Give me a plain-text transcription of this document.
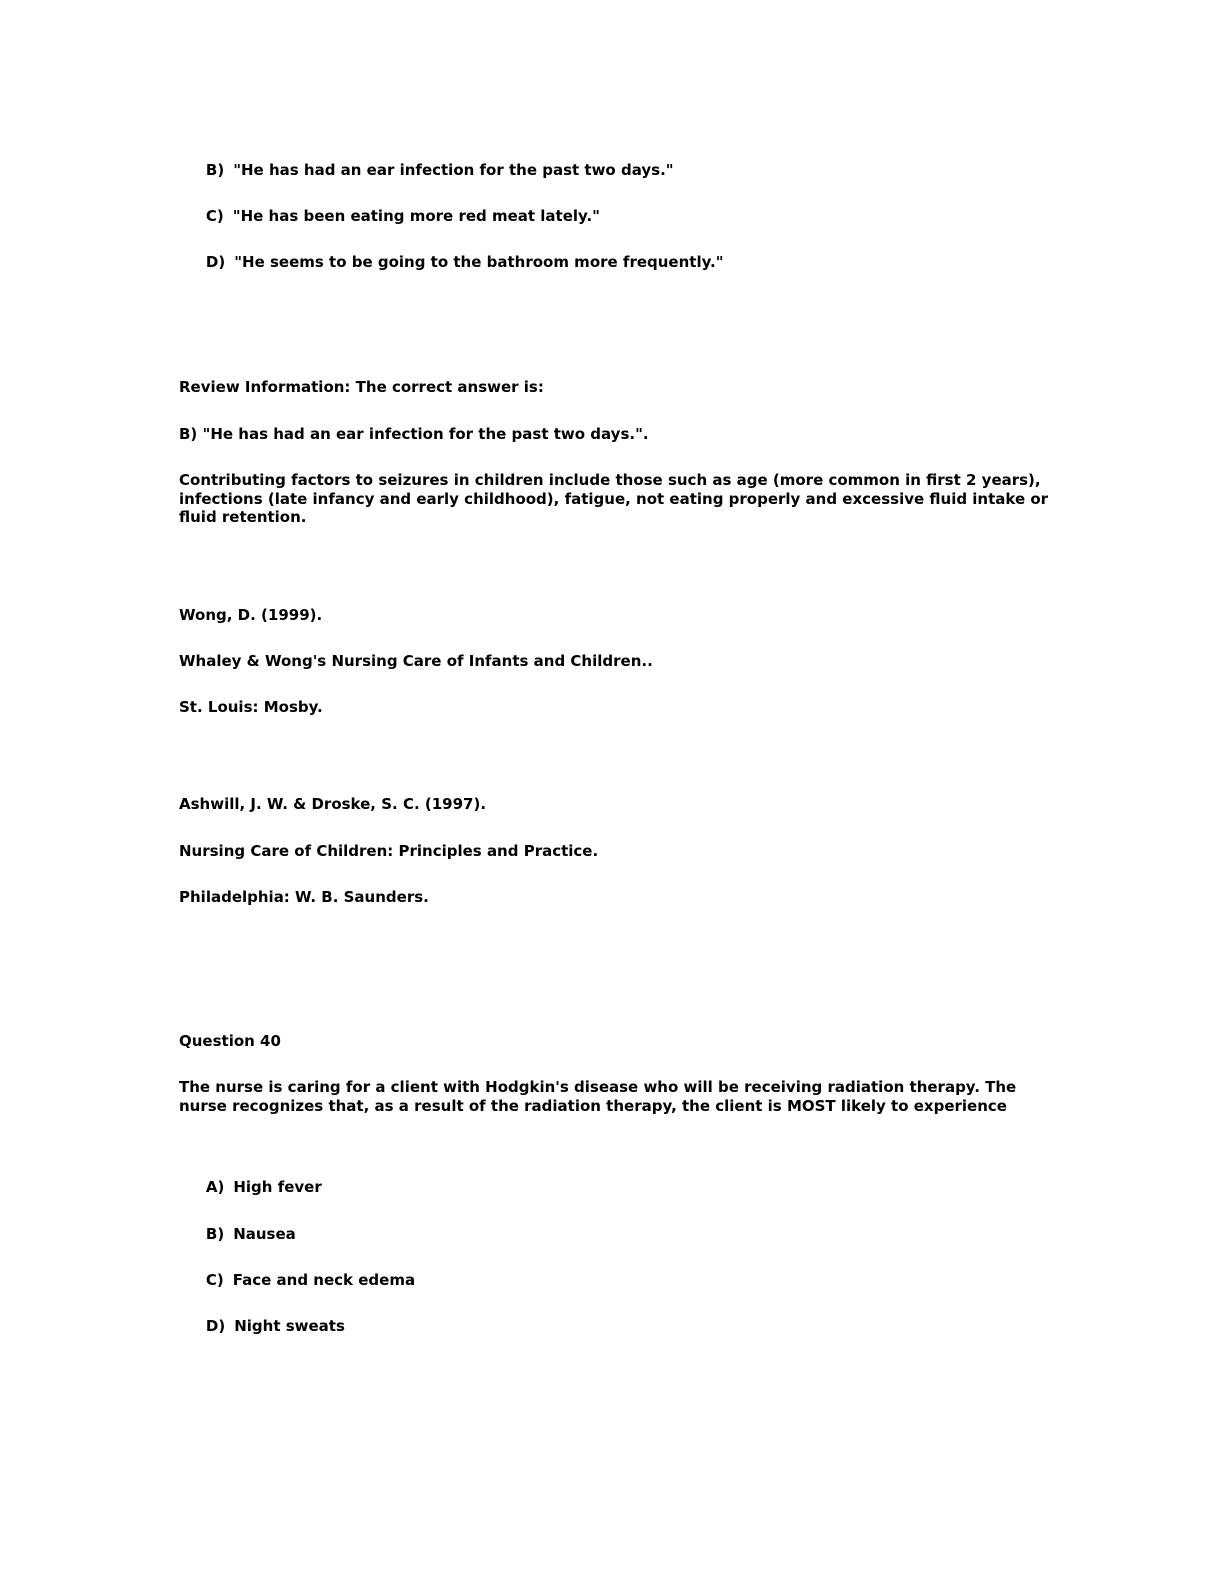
B) "He has had an ear infection for the past two days."

C) "He has been eating more red meat lately."

D) "He seems to be going to the bathroom more frequently."

Review Information: The correct answer is:

B) "He has had an ear infection for the past two days.".

Contributing factors to seizures in children include those such as age (more common in first 2 years), infections (late infancy and early childhood), fatigue, not eating properly and excessive fluid intake or fluid retention.

Wong, D. (1999).

Whaley & Wong's Nursing Care of Infants and Children..

St. Louis: Mosby.

Ashwill, J. W. & Droske, S. C. (1997).

Nursing Care of Children: Principles and Practice.

Philadelphia: W. B. Saunders.

Question 40

The nurse is caring for a client with Hodgkin's disease who will be receiving radiation therapy. The nurse recognizes that, as a result of the radiation therapy, the client is MOST likely to experience

A) High fever

B) Nausea

C) Face and neck edema

D) Night sweats
